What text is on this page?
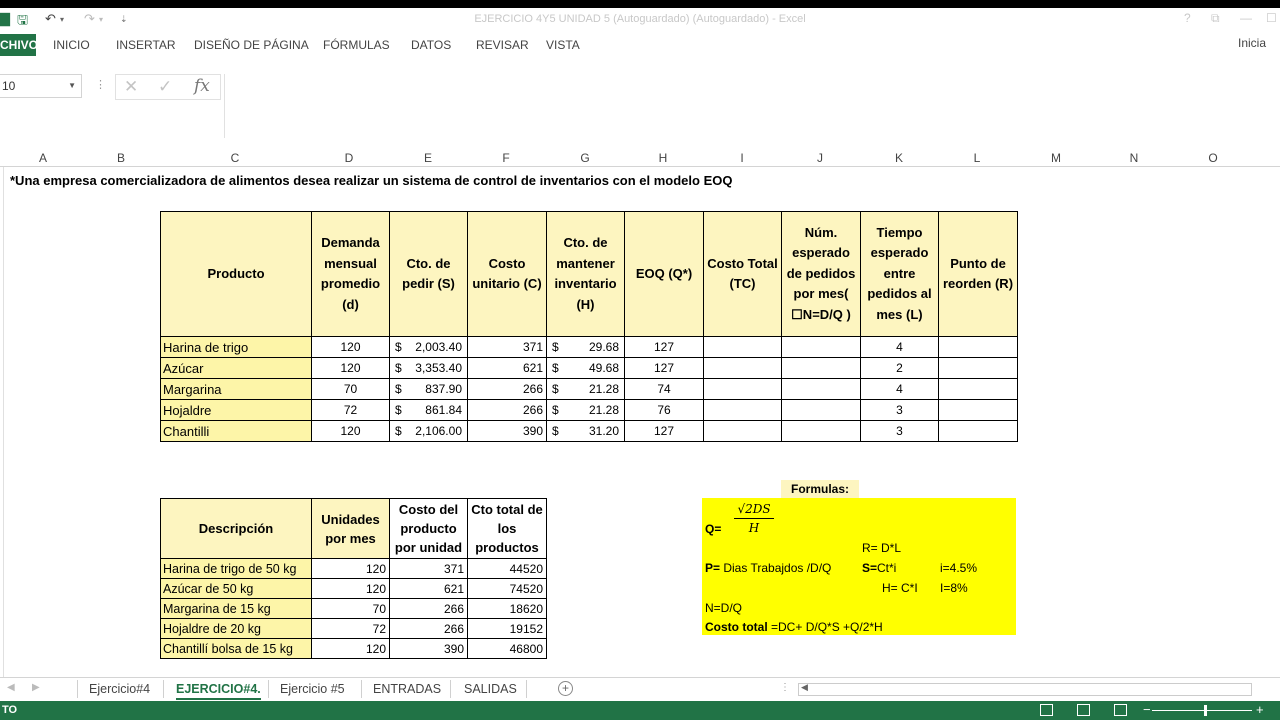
▇ 🖫 ↶ ▾ ↷ ▾ ⇣	EJERCICIO 4Y5 UNIDAD 5 (Autoguardado) (Autoguardado) - Excel	? ⧉ — ☐
CHIVO INICIO INSERTAR DISEÑO DE PÁGINA FÓRMULAS DATOS REVISAR VISTA	Inicia
10	▼ ⋮ ✕ ✓ fx
A	B	C	D	E	F	G	H	I	J	K	L	M	N	O
*Una empresa comercializadora de alimentos desea realizar un sistema de control de inventarios con el modelo EOQ
Producto	Demanda mensual promedio (d)	Cto. de pedir (S)	Costo unitario (C)	Cto. de mantener inventario (H)	EOQ (Q*)	Costo Total (TC)	Núm. esperado de pedidos por mes( ☐N=D/Q )	Tiempo esperado entre pedidos al mes (L)	Punto de reorden (R)
Harina de trigo	120	$ 2,003.40	371	$ 29.68	127			4	
Azúcar	120	$ 3,353.40	621	$ 49.68	127			2	
Margarina	70	$ 837.90	266	$ 21.28	74			4	
Hojaldre	72	$ 861.84	266	$ 21.28	76			3	
Chantilli	120	$ 2,106.00	390	$ 31.20	127			3	
Descripción	Unidades por mes	Costo del producto por unidad	Cto total de los productos
Harina de trigo de 50 kg	120	371	44520
Azúcar de 50 kg	120	621	74520
Margarina de 15 kg	70	266	18620
Hojaldre de 20 kg	72	266	19152
Chantillí bolsa de 15 kg	120	390	46800
Formulas:
$Q= \frac{√2DS}{H}$
R= D*L
P= Dias Trabajdos /D/Q	S=Ct*i	i=4.5%
H= C*I I=8%
N=D/Q
Costo total =DC+ D/Q*S +Q/2*H
◀ ▶	Ejercicio#4 EJERCICIO#4. Ejercicio #5 ENTRADAS SALIDAS	+	⋮ ◀
TO	−	+
